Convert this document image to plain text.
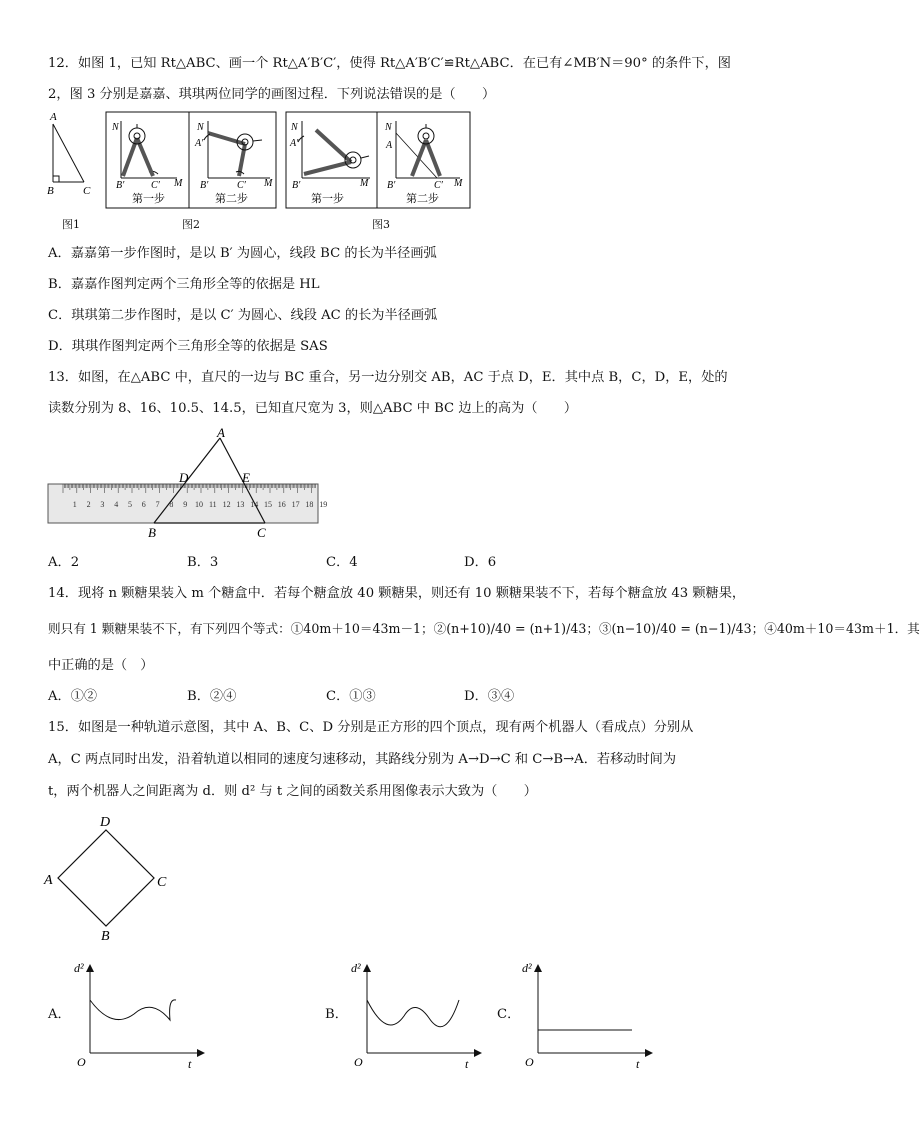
12．如图 1，已知 Rt△ABC、画一个 Rt△A′B′C′，使得 Rt△A′B′C′≌Rt△ABC．在已有∠MB′N＝90° 的条件下，图
2，图 3 分别是嘉嘉、琪琪两位同学的画图过程．下列说法错误的是（　　）
A
B	C
N
B′	C′ M
第一步
N
A′
B′	C′ M
第二步
N
A′
B′	M
第一步
N
A
B′	C′ M
第二步
图1	图2	图3
A．嘉嘉第一步作图时，是以 B′ 为圆心，线段 BC 的长为半径画弧
B．嘉嘉作图判定两个三角形全等的依据是 HL
C．琪琪第二步作图时，是以 C′ 为圆心、线段 AC 的长为半径画弧
D．琪琪作图判定两个三角形全等的依据是 SAS
13．如图，在△ABC 中，直尺的一边与 BC 重合，另一边分别交 AB，AC 于点 D，E．其中点 B，C，D，E，处的
读数分别为 8、16、10.5、14.5，已知直尺宽为 3，则△ABC 中 BC 边上的高为（　　）
1 2 3 4 5 6 7 8 9 10 11 12 13 14 15 16 17 18 19
A
D	E
B	C
A．2	B．3	C．4	D．6
14．现将 n 颗糖果装入 m 个糖盒中．若每个糖盒放 40 颗糖果，则还有 10 颗糖果装不下，若每个糖盒放 43 颗糖果，
则只有 1 颗糖果装不下，有下列四个等式：①40m＋10＝43m－1；②(n+10)/40 = (n+1)/43；③(n−10)/40 = (n−1)/43；④40m＋10＝43m＋1．其
中正确的是（　）
A．①②	B．②④	C．①③	D．③④
15．如图是一种轨道示意图，其中 A、B、C、D 分别是正方形的四个顶点，现有两个机器人（看成点）分别从
A，C 两点同时出发，沿着轨道以相同的速度匀速移动，其路线分别为 A→D→C 和 C→B→A．若移动时间为
t，两个机器人之间距离为 d．则 d² 与 t 之间的函数关系用图像表示大致为（　　）
D
A	C
B
A．
d²
t
O
B．
d²
t
O
C．
d²
t
O
